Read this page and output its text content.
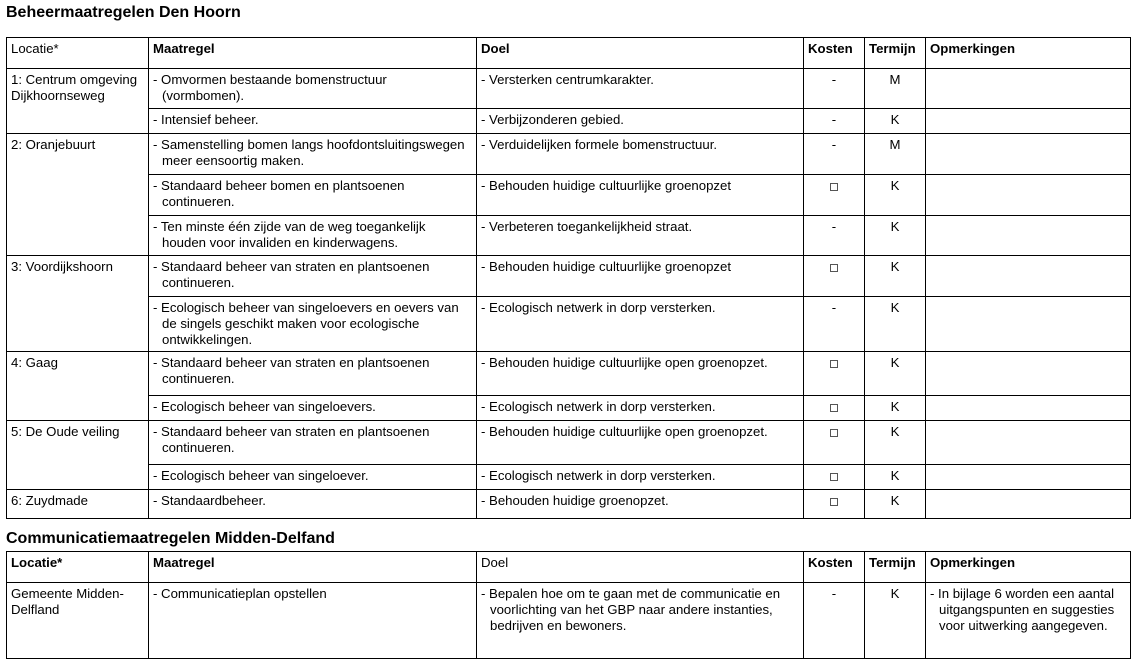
Beheermaatregelen Den Hoorn
Locatie*	Maatregel	Doel	Kosten	Termijn	Opmerkingen
1: Centrum omgeving Dijkhoornseweg	- Omvormen bestaande bomenstructuur (vormbomen).	- Versterken centrumkarakter.	-	M	

	- Intensief beheer.	- Verbijzonderen gebied.	-	K	
2: Oranjebuurt	- Samenstelling bomen langs hoofdontsluitingswegen meer eensoortig maken.	- Verduidelijken formele bomenstructuur.	-	M	

	- Standaard beheer bomen en plantsoenen continueren.	- Behouden huidige cultuurlijke groenopzet		K	

	- Ten minste één zijde van de weg toegankelijk houden voor invaliden en kinderwagens.	- Verbeteren toegankelijkheid straat.	-	K	
3: Voordijkshoorn	- Standaard beheer van straten en plantsoenen continueren.	- Behouden huidige cultuurlijke groenopzet		K	

	- Ecologisch beheer van singeloevers en oevers van de singels geschikt maken voor ecologische ontwikkelingen.	- Ecologisch netwerk in dorp versterken.	-	K	
4: Gaag	- Standaard beheer van straten en plantsoenen continueren.	- Behouden huidige cultuurlijke open groenopzet.		K	

	- Ecologisch beheer van singeloevers.	- Ecologisch netwerk in dorp versterken.		K	
5: De Oude veiling	- Standaard beheer van straten en plantsoenen continueren.	- Behouden huidige cultuurlijke open groenopzet.		K	

	- Ecologisch beheer van singeloever.	- Ecologisch netwerk in dorp versterken.		K	
6: Zuydmade	- Standaardbeheer.	- Behouden huidige groenopzet.		K	
Communicatiemaatregelen Midden-Delfand
Locatie*	Maatregel	Doel	Kosten	Termijn	Opmerkingen
Gemeente Midden-Delfland	- Communicatieplan opstellen	- Bepalen hoe om te gaan met de communicatie en voorlichting van het GBP naar andere instanties, bedrijven en bewoners.	-	K	- In bijlage 6 worden een aantal uitgangspunten en suggesties voor uitwerking aangegeven.
